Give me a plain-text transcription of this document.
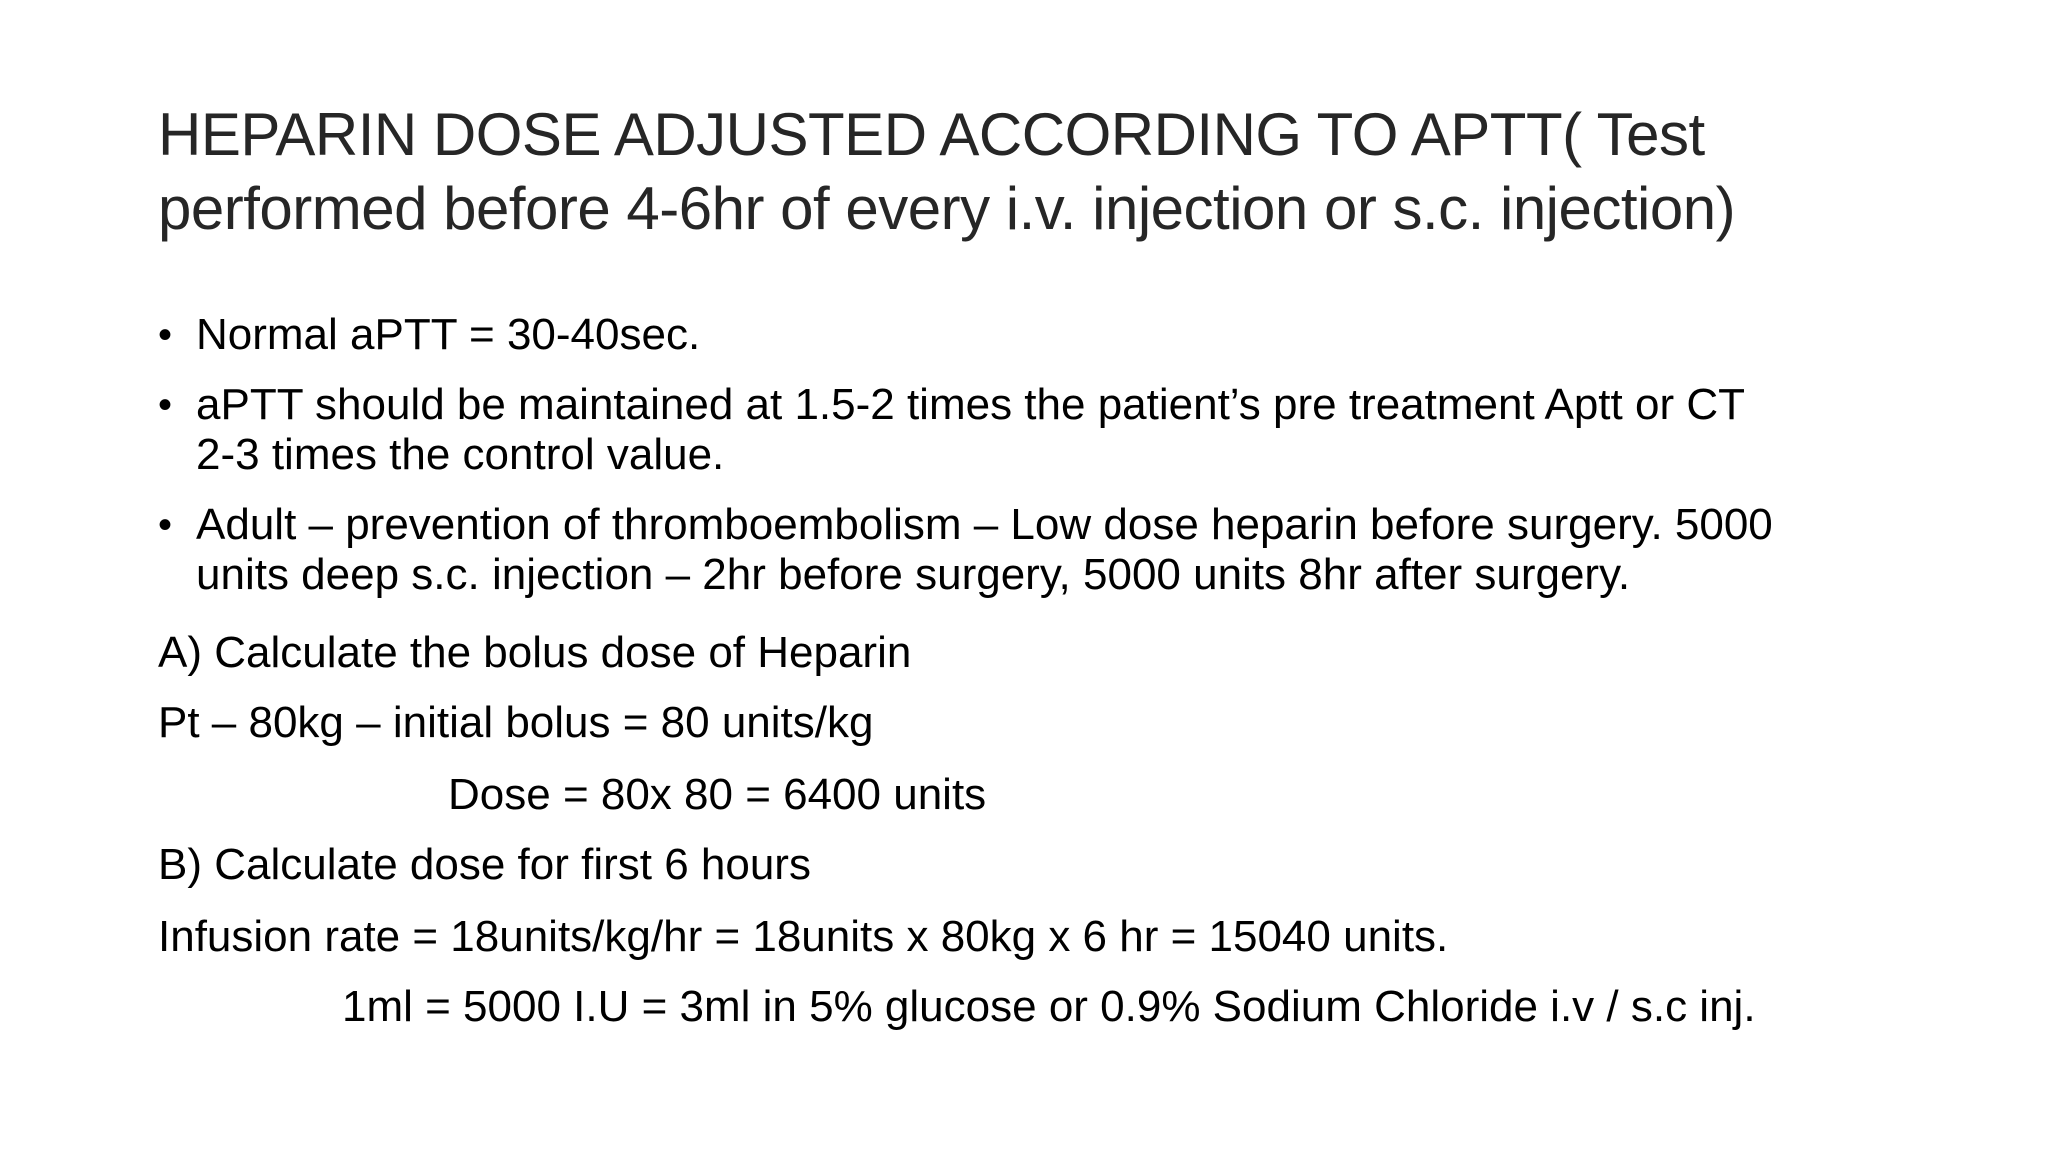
HEPARIN DOSE ADJUSTED ACCORDING TO APTT( Test
performed before 4-6hr of every i.v. injection or s.c. injection)
• Normal aPTT = 30-40sec.
• aPTT should be maintained at 1.5-2 times the patient’s pre treatment Aptt or CT
2-3 times the control value.
• Adult – prevention of thromboembolism – Low dose heparin before surgery. 5000
units deep s.c. injection – 2hr before surgery, 5000 units 8hr after surgery.
A) Calculate the bolus dose of Heparin
Pt – 80kg – initial bolus = 80 units/kg
Dose = 80x 80 = 6400 units
B) Calculate dose for first 6 hours
Infusion rate = 18units/kg/hr = 18units x 80kg x 6 hr = 15040 units.
1ml = 5000 I.U = 3ml in 5% glucose or 0.9% Sodium Chloride i.v / s.c inj.
